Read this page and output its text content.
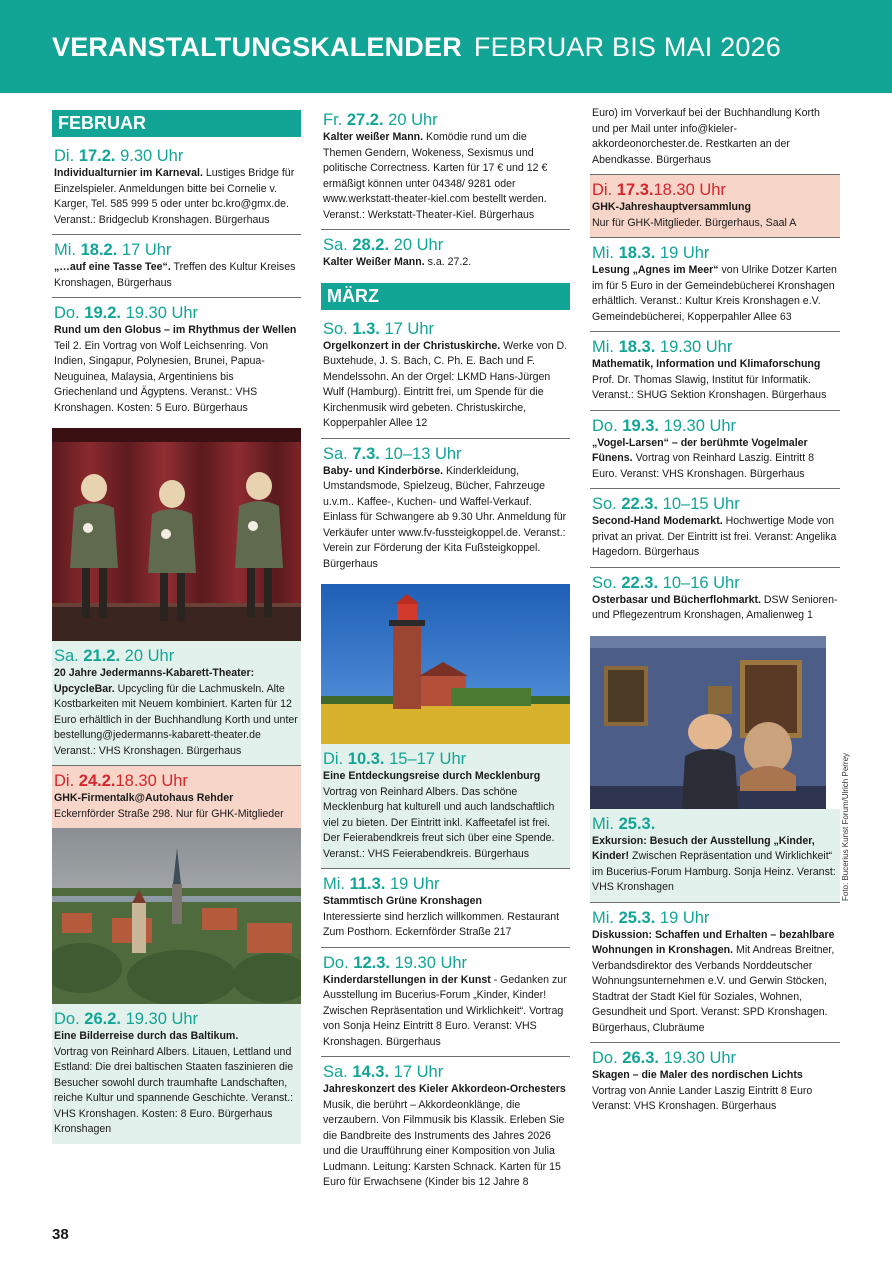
VERANSTALTUNGSKALENDER FEBRUAR BIS MAI 2026
FEBRUAR
Di. 17.2. 9.30 Uhr
Individualturnier im Karneval. Lustiges Bridge für Einzelspieler. Anmeldungen bitte bei Cornelie v. Karger, Tel. 585 999 5 oder unter bc.kro@gmx.de. Veranst.: Bridgeclub Kronshagen. Bürgerhaus
Mi. 18.2. 17 Uhr
„…auf eine Tasse Tee“. Treffen des Kultur Kreises Kronshagen, Bürgerhaus
Do. 19.2. 19.30 Uhr
Rund um den Globus – im Rhythmus der Wellen
Teil 2. Ein Vortrag von Wolf Leichsenring. Von Indien, Singapur, Polynesien, Brunei, Papua- Neuguinea, Malaysia, Argentiniens bis Griechenland und Ägyptens. Veranst.: VHS Kronshagen. Kosten: 5 Euro. Bürgerhaus
Sa. 21.2. 20 Uhr
20 Jahre Jedermanns-Kabarett-Theater: UpcycleBar. Upcycling für die Lachmuskeln. Alte Kostbarkeiten mit Neuem kombiniert. Karten für 12 Euro erhältlich in der Buchhandlung Korth und unter bestellung@jedermanns-kabarett-theater.de Veranst.: VHS Kronshagen. Bürgerhaus
Di. 24.2.18.30 Uhr
GHK-Firmentalk@Autohaus Rehder
Eckernförder Straße 298. Nur für GHK-Mitglieder
Do. 26.2. 19.30 Uhr
Eine Bilderreise durch das Baltikum.
Vortrag von Reinhard Albers. Litauen, Lettland und Estland: Die drei baltischen Staaten faszinieren die Besucher sowohl durch traumhafte Landschaften, reiche Kultur und spannende Geschichte. Veranst.: VHS Kronshagen. Kosten: 8 Euro. Bürgerhaus Kronshagen
Fr. 27.2. 20 Uhr
Kalter weißer Mann. Komödie rund um die Themen Gendern, Wokeness, Sexismus und politische Correctness. Karten für 17 € und 12 € ermäßigt können unter 04348/ 9281 oder www.werkstatt-theater-kiel.com bestellt werden. Veranst.: Werkstatt-Theater-Kiel. Bürgerhaus
Sa. 28.2. 20 Uhr
Kalter Weißer Mann. s.a. 27.2.
MÄRZ
So. 1.3. 17 Uhr
Orgelkonzert in der Christuskirche. Werke von D. Buxtehude, J. S. Bach, C. Ph. E. Bach und F. Mendelssohn. An der Orgel: LKMD Hans-Jürgen Wulf (Hamburg). Eintritt frei, um Spende für die Kirchenmusik wird gebeten. Christuskirche, Kopperpahler Allee 12
Sa. 7.3. 10–13 Uhr
Baby- und Kinderbörse. Kinderkleidung, Umstandsmode, Spielzeug, Bücher, Fahrzeuge u.v.m.. Kaffee-, Kuchen- und Waffel-Verkauf. Einlass für Schwangere ab 9.30 Uhr. Anmeldung für Verkäufer unter www.fv-fussteigkoppel.de. Veranst.: Verein zur Förderung der Kita Fußsteigkoppel. Bürgerhaus
Di. 10.3. 15–17 Uhr
Eine Entdeckungsreise durch Mecklenburg
Vortrag von Reinhard Albers. Das schöne Mecklenburg hat kulturell und auch landschaftlich viel zu bieten. Der Eintritt inkl. Kaffeetafel ist frei. Der Feierabendkreis freut sich über eine Spende. Veranst.: VHS Feierabendkreis. Bürgerhaus
Mi. 11.3. 19 Uhr
Stammtisch Grüne Kronshagen
Interessierte sind herzlich willkommen. Restaurant Zum Posthorn. Eckernförder Straße 217
Do. 12.3. 19.30 Uhr
Kinderdarstellungen in der Kunst - Gedanken zur Ausstellung im Bucerius-Forum „Kinder, Kinder! Zwischen Repräsentation und Wirklichkeit“. Vortrag von Sonja Heinz Eintritt 8 Euro. Veranst: VHS Kronshagen. Bürgerhaus
Sa. 14.3. 17 Uhr
Jahreskonzert des Kieler Akkordeon-Orchesters
Musik, die berührt – Akkordeonklänge, die verzaubern. Von Filmmusik bis Klassik. Erleben Sie die Bandbreite des Instruments des Jahres 2026 und die Uraufführung einer Komposition von Julia Ludmann. Leitung: Karsten Schnack. Karten für 15 Euro für Erwachsene (Kinder bis 12 Jahre 8
Euro) im Vorverkauf bei der Buchhandlung Korth und per Mail unter info@kieler-akkordeonorchester.de. Restkarten an der Abendkasse. Bürgerhaus
Di. 17.3.18.30 Uhr
GHK-Jahreshauptversammlung
Nur für GHK-Mitglieder. Bürgerhaus, Saal A
Mi. 18.3. 19 Uhr
Lesung „Agnes im Meer“ von Ulrike Dotzer Karten im für 5 Euro in der Gemeindebücherei Kronshagen erhältlich. Veranst.: Kultur Kreis Kronshagen e.V. Gemeindebücherei, Kopperpahler Allee 63
Mi. 18.3. 19.30 Uhr
Mathematik, Information und Klimaforschung
Prof. Dr. Thomas Slawig, Institut für Informatik. Veranst.: SHUG Sektion Kronshagen. Bürgerhaus
Do. 19.3. 19.30 Uhr
„Vogel-Larsen“ – der berühmte Vogelmaler Fünens. Vortrag von Reinhard Laszig. Eintritt 8 Euro. Veranst: VHS Kronshagen. Bürgerhaus
So. 22.3. 10–15 Uhr
Second-Hand Modemarkt. Hochwertige Mode von privat an privat. Der Eintritt ist frei. Veranst: Angelika Hagedorn. Bürgerhaus
So. 22.3. 10–16 Uhr
Osterbasar und Bücherflohmarkt. DSW Senioren- und Pflegezentrum Kronshagen, Amalienweg 1
Foto: Bucerius Kunst Forum/Ulrich Perrey
Mi. 25.3.
Exkursion: Besuch der Ausstellung „Kinder, Kinder! Zwischen Repräsentation und Wirklichkeit“ im Bucerius-Forum Hamburg. Sonja Heinz. Veranst: VHS Kronshagen
Mi. 25.3. 19 Uhr
Diskussion: Schaffen und Erhalten – bezahlbare Wohnungen in Kronshagen. Mit Andreas Breitner, Verbandsdirektor des Verbands Norddeutscher Wohnungsunternehmen e.V. und Gerwin Stöcken, Stadtrat der Stadt Kiel für Soziales, Wohnen, Gesundheit und Sport. Veranst: SPD Kronshagen. Bürgerhaus, Clubräume
Do. 26.3. 19.30 Uhr
Skagen – die Maler des nordischen Lichts
Vortrag von Annie Lander Laszig Eintritt 8 Euro Veranst: VHS Kronshagen. Bürgerhaus
38
